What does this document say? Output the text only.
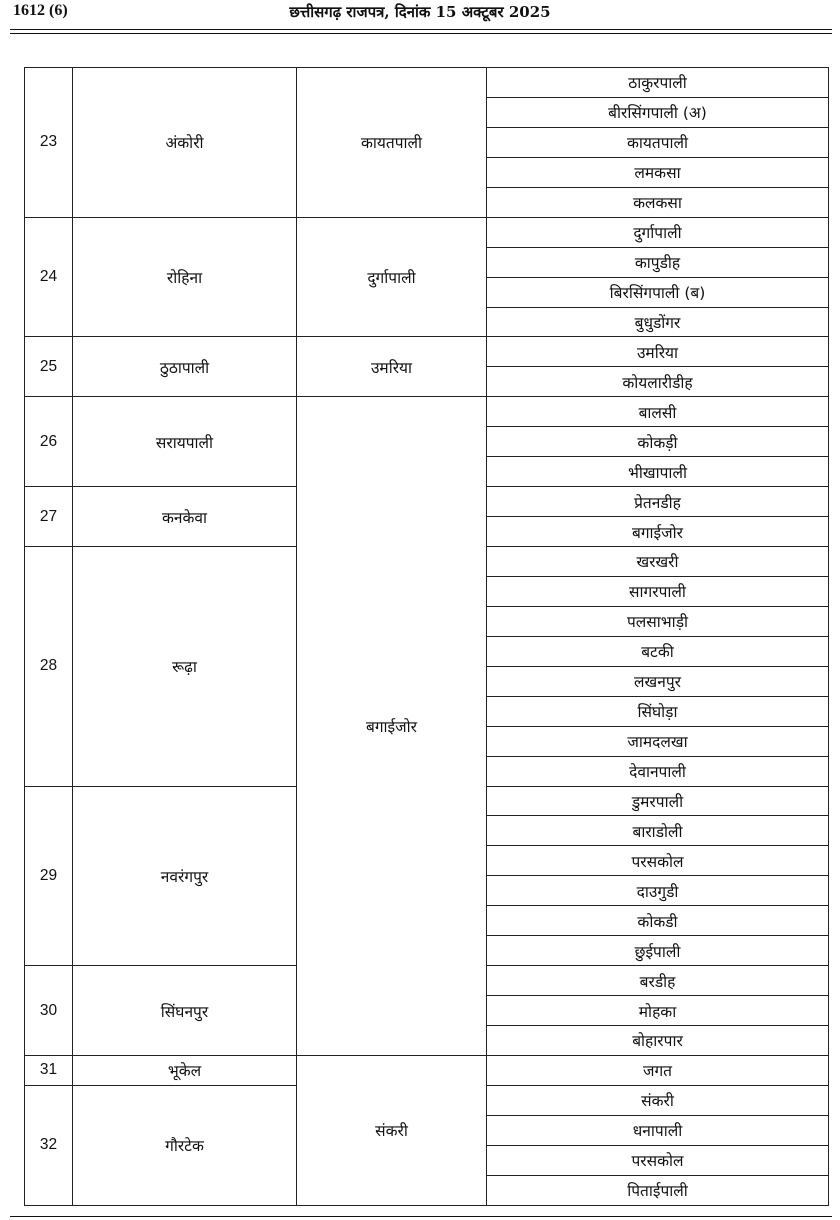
1612 (6)	छत्तीसगढ़ राजपत्र, दिनांक 15 अक्टूबर 2025
23	अंकोरी	कायतपाली	ठाकुरपाली
			बीरसिंगपाली (अ)
			कायतपाली
			लमकसा
			कलकसा
24	रोहिना	दुर्गापाली	दुर्गापाली
			कापुडीह
			बिरसिंगपाली (ब)
			बुधुडोंगर
25	ठुठापाली	उमरिया	उमरिया
			कोयलारीडीह
26	सरायपाली	बगाईजोर	बालसी
			कोकड़ी
			भीखापाली
27	कनकेवा		प्रेतनडीह
			बगाईजोर
28	रूढ़ा		खरखरी
			सागरपाली
			पलसाभाड़ी
			बटकी
			लखनपुर
			सिंघोड़ा
			जामदलखा
			देवानपाली
29	नवरंगपुर		डुमरपाली
			बाराडोली
			परसकोल
			दाउगुडी
			कोकडी
			छुईपाली
30	सिंघनपुर		बरडीह
			मोहका
			बोहारपार
31	भूकेल	संकरी	जगत
32	गौरटेक		संकरी
			धनापाली
			परसकोल
			पिताईपाली
